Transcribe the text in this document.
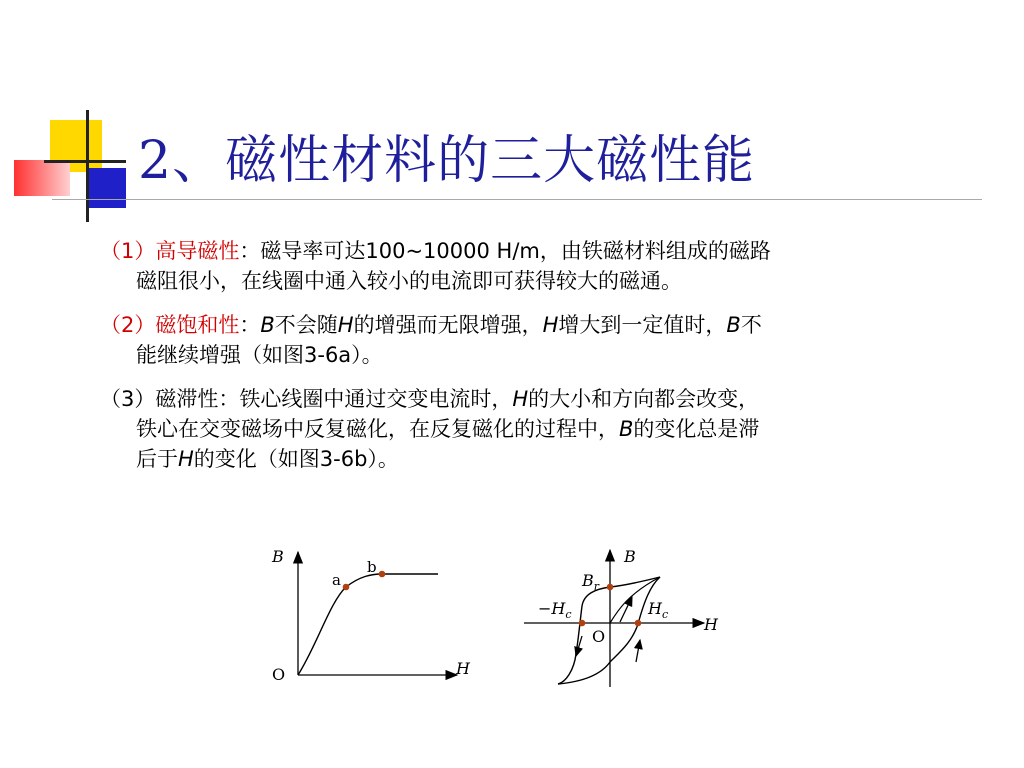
2、磁性材料的三大磁性能
（1）高导磁性：磁导率可达100~10000 H/m，由铁磁材料组成的磁路
磁阻很小，在线圈中通入较小的电流即可获得较大的磁通。
（2）磁饱和性：B不会随H的增强而无限增强，H增大到一定值时，B不
能继续增强（如图3-6a）。
（3）磁滞性：铁心线圈中通过交变电流时，H的大小和方向都会改变，
铁心在交变磁场中反复磁化，在反复磁化的过程中，B的变化总是滞
后于H的变化（如图3-6b）。
B
H
O
a
b
B
H
O
$B_r$
$-H_c$	$H_c$
